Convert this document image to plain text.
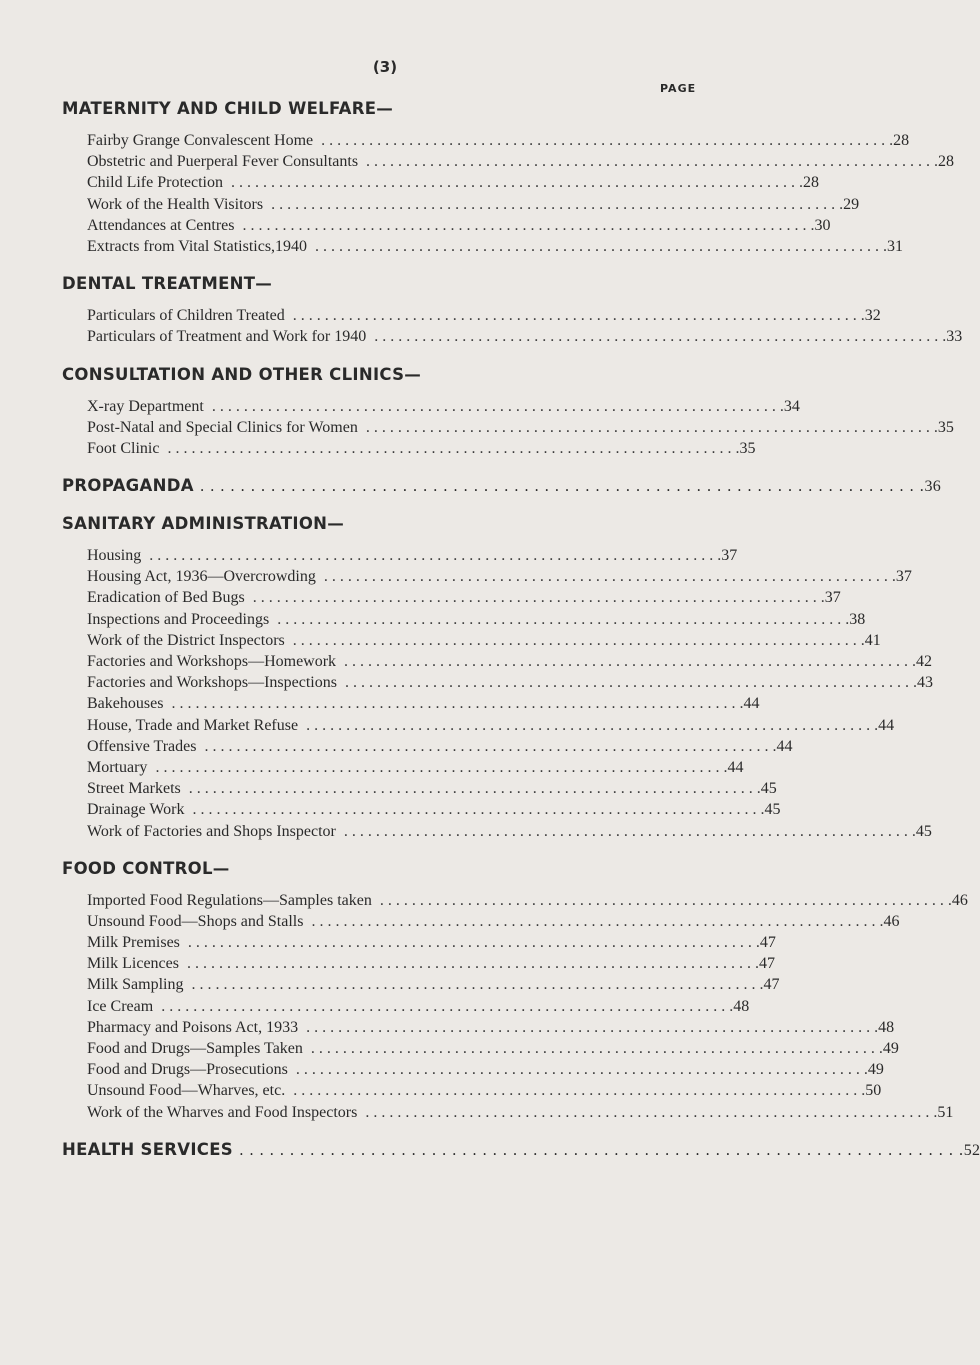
(3)
PAGE
MATERNITY AND CHILD WELFARE—
Fairby Grange Convalescent Home . . . . . . . . . . . . . . . . . . . . . . . . . . . . . . . . . . . . . . . . . . . . . . . . . . . . . . . . . . . . . . . . . . . . . . . . 28
Obstetric and Puerperal Fever Consultants . . . . . . . . . . . . . . . . . . . . . . . . . . . . . . . . . . . . . . . . . . . . . . . . . . . . . . . . . . . . . . . . . . . . . . . . 28
Child Life Protection . . . . . . . . . . . . . . . . . . . . . . . . . . . . . . . . . . . . . . . . . . . . . . . . . . . . . . . . . . . . . . . . . . . . . . . . 28
Work of the Health Visitors . . . . . . . . . . . . . . . . . . . . . . . . . . . . . . . . . . . . . . . . . . . . . . . . . . . . . . . . . . . . . . . . . . . . . . . . 29
Attendances at Centres . . . . . . . . . . . . . . . . . . . . . . . . . . . . . . . . . . . . . . . . . . . . . . . . . . . . . . . . . . . . . . . . . . . . . . . . 30
Extracts from Vital Statistics,1940 . . . . . . . . . . . . . . . . . . . . . . . . . . . . . . . . . . . . . . . . . . . . . . . . . . . . . . . . . . . . . . . . . . . . . . . . 31
DENTAL TREATMENT—
Particulars of Children Treated . . . . . . . . . . . . . . . . . . . . . . . . . . . . . . . . . . . . . . . . . . . . . . . . . . . . . . . . . . . . . . . . . . . . . . . . 32
Particulars of Treatment and Work for 1940 . . . . . . . . . . . . . . . . . . . . . . . . . . . . . . . . . . . . . . . . . . . . . . . . . . . . . . . . . . . . . . . . . . . . . . . . 33
CONSULTATION AND OTHER CLINICS—
X-ray Department . . . . . . . . . . . . . . . . . . . . . . . . . . . . . . . . . . . . . . . . . . . . . . . . . . . . . . . . . . . . . . . . . . . . . . . . 34
Post-Natal and Special Clinics for Women . . . . . . . . . . . . . . . . . . . . . . . . . . . . . . . . . . . . . . . . . . . . . . . . . . . . . . . . . . . . . . . . . . . . . . . . 35
Foot Clinic . . . . . . . . . . . . . . . . . . . . . . . . . . . . . . . . . . . . . . . . . . . . . . . . . . . . . . . . . . . . . . . . . . . . . . . . 35
PROPAGANDA . . . . . . . . . . . . . . . . . . . . . . . . . . . . . . . . . . . . . . . . . . . . . . . . . . . . . . . . . . . . . . . . . . . . . . . . 36
SANITARY ADMINISTRATION—
Housing . . . . . . . . . . . . . . . . . . . . . . . . . . . . . . . . . . . . . . . . . . . . . . . . . . . . . . . . . . . . . . . . . . . . . . . . 37
Housing Act, 1936—Overcrowding . . . . . . . . . . . . . . . . . . . . . . . . . . . . . . . . . . . . . . . . . . . . . . . . . . . . . . . . . . . . . . . . . . . . . . . . 37
Eradication of Bed Bugs . . . . . . . . . . . . . . . . . . . . . . . . . . . . . . . . . . . . . . . . . . . . . . . . . . . . . . . . . . . . . . . . . . . . . . . . 37
Inspections and Proceedings . . . . . . . . . . . . . . . . . . . . . . . . . . . . . . . . . . . . . . . . . . . . . . . . . . . . . . . . . . . . . . . . . . . . . . . . 38
Work of the District Inspectors . . . . . . . . . . . . . . . . . . . . . . . . . . . . . . . . . . . . . . . . . . . . . . . . . . . . . . . . . . . . . . . . . . . . . . . . 41
Factories and Workshops—Homework . . . . . . . . . . . . . . . . . . . . . . . . . . . . . . . . . . . . . . . . . . . . . . . . . . . . . . . . . . . . . . . . . . . . . . . . 42
Factories and Workshops—Inspections . . . . . . . . . . . . . . . . . . . . . . . . . . . . . . . . . . . . . . . . . . . . . . . . . . . . . . . . . . . . . . . . . . . . . . . . 43
Bakehouses . . . . . . . . . . . . . . . . . . . . . . . . . . . . . . . . . . . . . . . . . . . . . . . . . . . . . . . . . . . . . . . . . . . . . . . . 44
House, Trade and Market Refuse . . . . . . . . . . . . . . . . . . . . . . . . . . . . . . . . . . . . . . . . . . . . . . . . . . . . . . . . . . . . . . . . . . . . . . . . 44
Offensive Trades . . . . . . . . . . . . . . . . . . . . . . . . . . . . . . . . . . . . . . . . . . . . . . . . . . . . . . . . . . . . . . . . . . . . . . . . 44
Mortuary . . . . . . . . . . . . . . . . . . . . . . . . . . . . . . . . . . . . . . . . . . . . . . . . . . . . . . . . . . . . . . . . . . . . . . . . 44
Street Markets . . . . . . . . . . . . . . . . . . . . . . . . . . . . . . . . . . . . . . . . . . . . . . . . . . . . . . . . . . . . . . . . . . . . . . . . 45
Drainage Work . . . . . . . . . . . . . . . . . . . . . . . . . . . . . . . . . . . . . . . . . . . . . . . . . . . . . . . . . . . . . . . . . . . . . . . . 45
Work of Factories and Shops Inspector . . . . . . . . . . . . . . . . . . . . . . . . . . . . . . . . . . . . . . . . . . . . . . . . . . . . . . . . . . . . . . . . . . . . . . . . 45
FOOD CONTROL—
Imported Food Regulations—Samples taken . . . . . . . . . . . . . . . . . . . . . . . . . . . . . . . . . . . . . . . . . . . . . . . . . . . . . . . . . . . . . . . . . . . . . . . . 46
Unsound Food—Shops and Stalls . . . . . . . . . . . . . . . . . . . . . . . . . . . . . . . . . . . . . . . . . . . . . . . . . . . . . . . . . . . . . . . . . . . . . . . . 46
Milk Premises . . . . . . . . . . . . . . . . . . . . . . . . . . . . . . . . . . . . . . . . . . . . . . . . . . . . . . . . . . . . . . . . . . . . . . . . 47
Milk Licences . . . . . . . . . . . . . . . . . . . . . . . . . . . . . . . . . . . . . . . . . . . . . . . . . . . . . . . . . . . . . . . . . . . . . . . . 47
Milk Sampling . . . . . . . . . . . . . . . . . . . . . . . . . . . . . . . . . . . . . . . . . . . . . . . . . . . . . . . . . . . . . . . . . . . . . . . . 47
Ice Cream . . . . . . . . . . . . . . . . . . . . . . . . . . . . . . . . . . . . . . . . . . . . . . . . . . . . . . . . . . . . . . . . . . . . . . . . 48
Pharmacy and Poisons Act, 1933 . . . . . . . . . . . . . . . . . . . . . . . . . . . . . . . . . . . . . . . . . . . . . . . . . . . . . . . . . . . . . . . . . . . . . . . . 48
Food and Drugs—Samples Taken . . . . . . . . . . . . . . . . . . . . . . . . . . . . . . . . . . . . . . . . . . . . . . . . . . . . . . . . . . . . . . . . . . . . . . . . 49
Food and Drugs—Prosecutions . . . . . . . . . . . . . . . . . . . . . . . . . . . . . . . . . . . . . . . . . . . . . . . . . . . . . . . . . . . . . . . . . . . . . . . . 49
Unsound Food—Wharves, etc. . . . . . . . . . . . . . . . . . . . . . . . . . . . . . . . . . . . . . . . . . . . . . . . . . . . . . . . . . . . . . . . . . . . . . . . . 50
Work of the Wharves and Food Inspectors . . . . . . . . . . . . . . . . . . . . . . . . . . . . . . . . . . . . . . . . . . . . . . . . . . . . . . . . . . . . . . . . . . . . . . . . 51
HEALTH SERVICES . . . . . . . . . . . . . . . . . . . . . . . . . . . . . . . . . . . . . . . . . . . . . . . . . . . . . . . . . . . . . . . . . . . . . . . . 52
